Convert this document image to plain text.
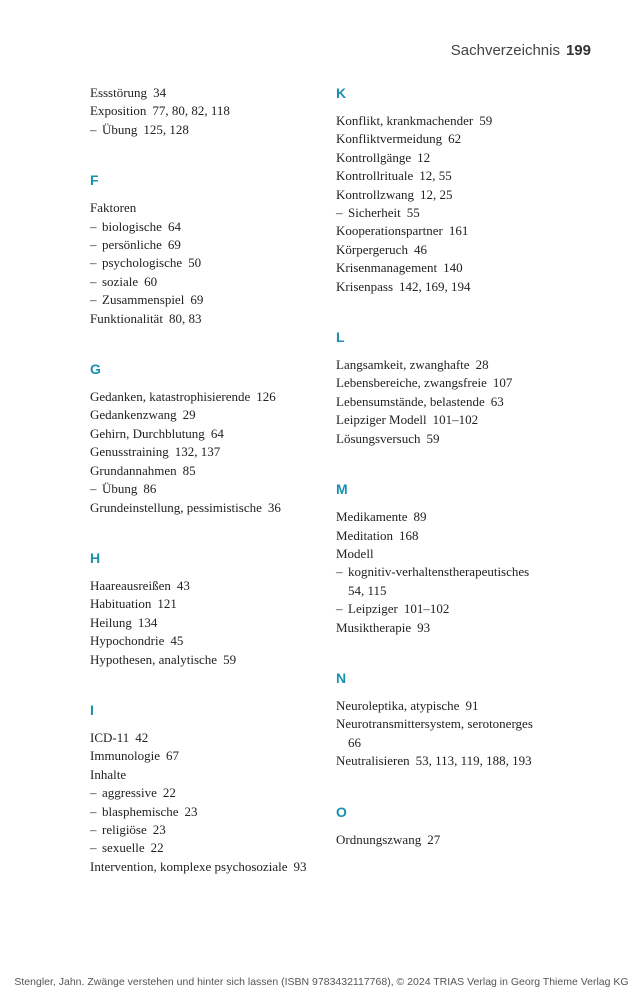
Sachverzeichnis 199
Essstörung 34
Exposition 77, 80, 82, 118
– Übung 125, 128
F
Faktoren
– biologische 64
– persönliche 69
– psychologische 50
– soziale 60
– Zusammenspiel 69
Funktionalität 80, 83
G
Gedanken, katastrophisierende 126
Gedankenzwang 29
Gehirn, Durchblutung 64
Genusstraining 132, 137
Grundannahmen 85
– Übung 86
Grundeinstellung, pessimistische 36
H
Haareausreißen 43
Habituation 121
Heilung 134
Hypochondrie 45
Hypothesen, analytische 59
I
ICD-11 42
Immunologie 67
Inhalte
– aggressive 22
– blasphemische 23
– religiöse 23
– sexuelle 22
Intervention, komplexe psychosoziale 93
K
Konflikt, krankmachender 59
Konfliktvermeidung 62
Kontrollgänge 12
Kontrollrituale 12, 55
Kontrollzwang 12, 25
– Sicherheit 55
Kooperationspartner 161
Körpergeruch 46
Krisenmanagement 140
Krisenpass 142, 169, 194
L
Langsamkeit, zwanghafte 28
Lebensbereiche, zwangsfreie 107
Lebensumstände, belastende 63
Leipziger Modell 101–102
Lösungsversuch 59
M
Medikamente 89
Meditation 168
Modell
– kognitiv-verhaltenstherapeutisches
54, 115
– Leipziger 101–102
Musiktherapie 93
N
Neuroleptika, atypische 91
Neurotransmittersystem, serotonerges
66
Neutralisieren 53, 113, 119, 188, 193
O
Ordnungszwang 27
Stengler, Jahn. Zwänge verstehen und hinter sich lassen (ISBN 9783432117768), © 2024 TRIAS Verlag in Georg Thieme Verlag KG
